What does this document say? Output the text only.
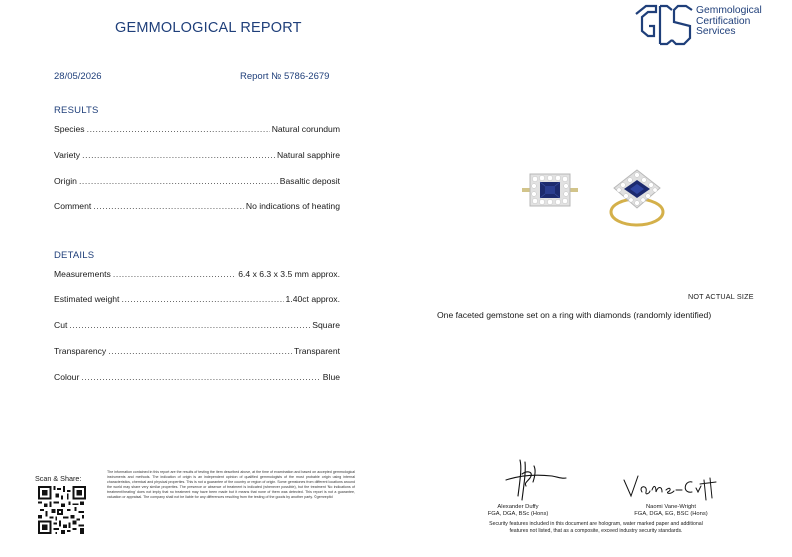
GEMMOLOGICAL REPORT
28/05/2026	Report № 5786-2679
Gemmological
Certification
Services
RESULTS
Species .....	Natural corundum
Variety .....	Natural sapphire
Origin .....	Basaltic deposit
Comment .....	No indications of heating
DETAILS
Measurements .....	6.4 x 6.3 x 3.5 mm approx.
Estimated weight .....	1.40ct approx.
Cut .....	Square
Transparency .....	Transparent
Colour .....	Blue
NOT ACTUAL SIZE
One faceted gemstone set on a ring with diamonds (randomly identified)
Scan & Share:
The information contained in this report are the results of testing the item described above, at the time of examination and based on accepted gemmological instruments and methods. The indication of origin is an independent opinion of qualified gemmologists of the most probable origin using internal characteristics, chemical and physical properties. This is not a guarantee of the country or region of origin. Some gemstones from different locations around the world may share very similar properties. The presence or absence of treatment is indicated (whenever possible), but the treatment 'No indications of treatment/heating' does not imply that no treatment may have been made but it means that none of them was detected. This report is not a guarantee, valuation or appraisal. The company shall not be liable for any differences resulting from the testing of the goods by another party. ©gemrepltd
Alexander Duffy
FGA, DGA, BSc (Hons)
Naomi Vane-Wright
FGA, DGA, EG, BSC (Hons)
Security features included in this document are hologram, water marked paper and additional
features not listed, that as a composite, exceed industry security standards.
